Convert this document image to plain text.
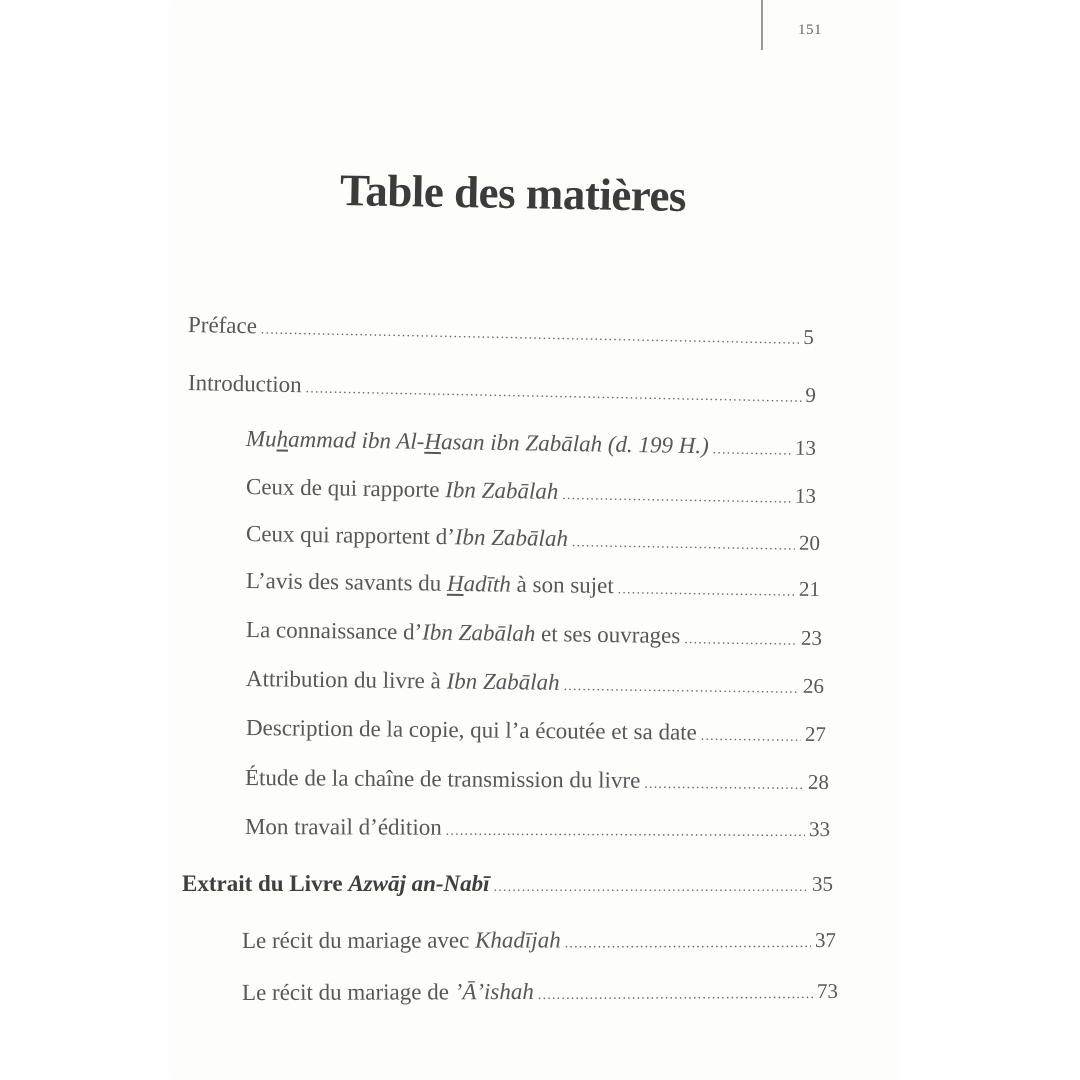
151
Table des matières
Préface .....	5
Introduction .....	9
Muhammad ibn Al-Hasan ibn Zabālah (d. 199 H.) .....	13
Ceux de qui rapporte Ibn Zabālah .....	13
Ceux qui rapportent d’Ibn Zabālah .....	20
L’avis des savants du Hadīth à son sujet .....	21
La connaissance d’Ibn Zabālah et ses ouvrages .....	23
Attribution du livre à Ibn Zabālah .....	26
Description de la copie, qui l’a écoutée et sa date .....	27
Étude de la chaîne de transmission du livre .....	28
Mon travail d’édition .....	33
Extrait du Livre Azwāj an-Nabī .....	35
Le récit du mariage avec Khadījah .....	37
Le récit du mariage de ’Ā’ishah .....	73
